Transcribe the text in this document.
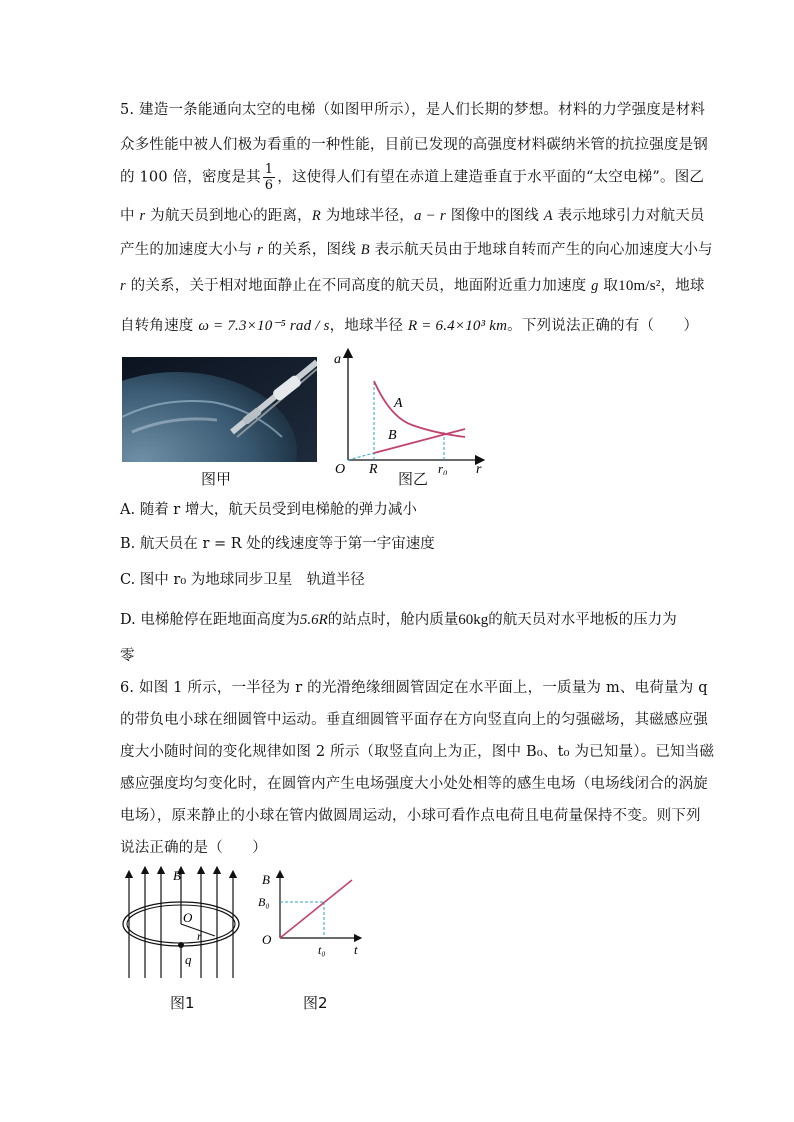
5. 建造一条能通向太空的电梯（如图甲所示），是人们长期的梦想。材料的力学强度是材料
众多性能中被人们极为看重的一种性能，目前已发现的高强度材料碳纳米管的抗拉强度是钢
的 100 倍，密度是其 $\frac{1}{6}$ ，这使得人们有望在赤道上建造垂直于水平面的“太空电梯”。图乙
中 r 为航天员到地心的距离，R 为地球半径，a − r 图像中的图线 A 表示地球引力对航天员
产生的加速度大小与 r 的关系，图线 B 表示航天员由于地球自转而产生的向心加速度大小与
r 的关系，关于相对地面静止在不同高度的航天员，地面附近重力加速度 g 取10m/s²，地球
自转角速度 ω = 7.3×10⁻⁵ rad / s，地球半径 R = 6.4×10³ km。下列说法正确的有（　　）
图甲
a
r
O R	r₀
A
B
图乙
A. 随着 r 增大，航天员受到电梯舱的弹力减小
B. 航天员在 r = R 处的线速度等于第一宇宙速度
C. 图中 r₀ 为地球同步卫星　轨道半径
D. 电梯舱停在距地面高度为5.6R的站点时，舱内质量60kg的航天员对水平地板的压力为
零
6. 如图 1 所示，一半径为 r 的光滑绝缘细圆管固定在水平面上，一质量为 m、电荷量为 q
的带负电小球在细圆管中运动。垂直细圆管平面存在方向竖直向上的匀强磁场，其磁感应强
度大小随时间的变化规律如图 2 所示（取竖直向上为正，图中 B₀、t₀ 为已知量）。已知当磁
感应强度均匀变化时，在圆管内产生电场强度大小处处相等的感生电场（电场线闭合的涡旋
电场），原来静止的小球在管内做圆周运动，小球可看作点电荷且电荷量保持不变。则下列
说法正确的是（　　）
B
O
r
q
图1
B
t
O
B₀
t₀
图2
